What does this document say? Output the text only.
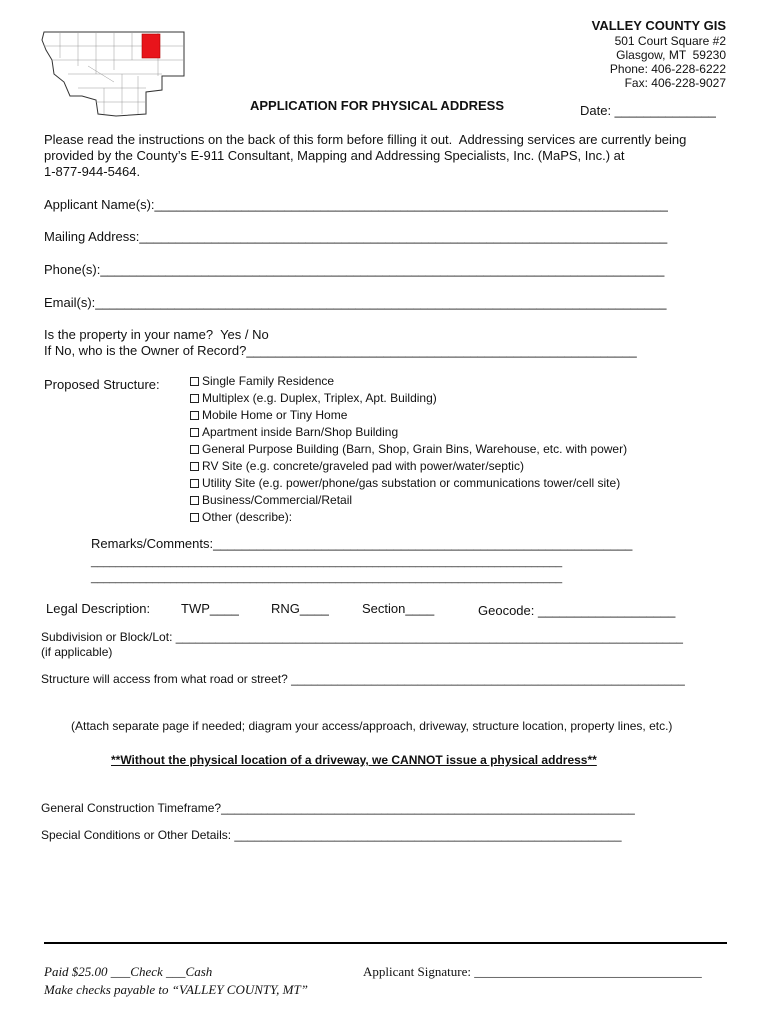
VALLEY COUNTY GIS
501 Court Square #2
Glasgow, MT  59230
Phone: 406-228-6222
Fax: 406-228-9027
APPLICATION FOR PHYSICAL ADDRESS	Date: ______________
Please read the instructions on the back of this form before filling it out.  Addressing services are currently being
provided by the County’s E-911 Consultant, Mapping and Addressing Specialists, Inc. (MaPS, Inc.) at
1-877-944-5464.
Applicant Name(s):_______________________________________________________________________
Mailing Address:_________________________________________________________________________
Phone(s):______________________________________________________________________________
Email(s):_______________________________________________________________________________
Is the property in your name?  Yes / No
If No, who is the Owner of Record?______________________________________________________
Proposed Structure:	Single Family Residence
Multiplex (e.g. Duplex, Triplex, Apt. Building)
Mobile Home or Tiny Home
Apartment inside Barn/Shop Building
General Purpose Building (Barn, Shop, Grain Bins, Warehouse, etc. with power)
RV Site (e.g. concrete/graveled pad with power/water/septic)
Utility Site (e.g. power/phone/gas substation or communications tower/cell site)
Business/Commercial/Retail
Other (describe):
Remarks/Comments:__________________________________________________________
_____________________________________________________________________________
_____________________________________________________________________________
Legal Description: TWP____ RNG____	Section____	Geocode: ___________________
Subdivision or Block/Lot: ____________________________________________________________________________
(if applicable)
Structure will access from what road or street? ___________________________________________________________
(Attach separate page if needed; diagram your access/approach, driveway, structure location, property lines, etc.)
**Without the physical location of a driveway, we CANNOT issue a physical address**
General Construction Timeframe?______________________________________________________________
Special Conditions or Other Details: __________________________________________________________
Paid $25.00 ___Check ___Cash
Make checks payable to “VALLEY COUNTY, MT”
Applicant Signature: ___________________________________
